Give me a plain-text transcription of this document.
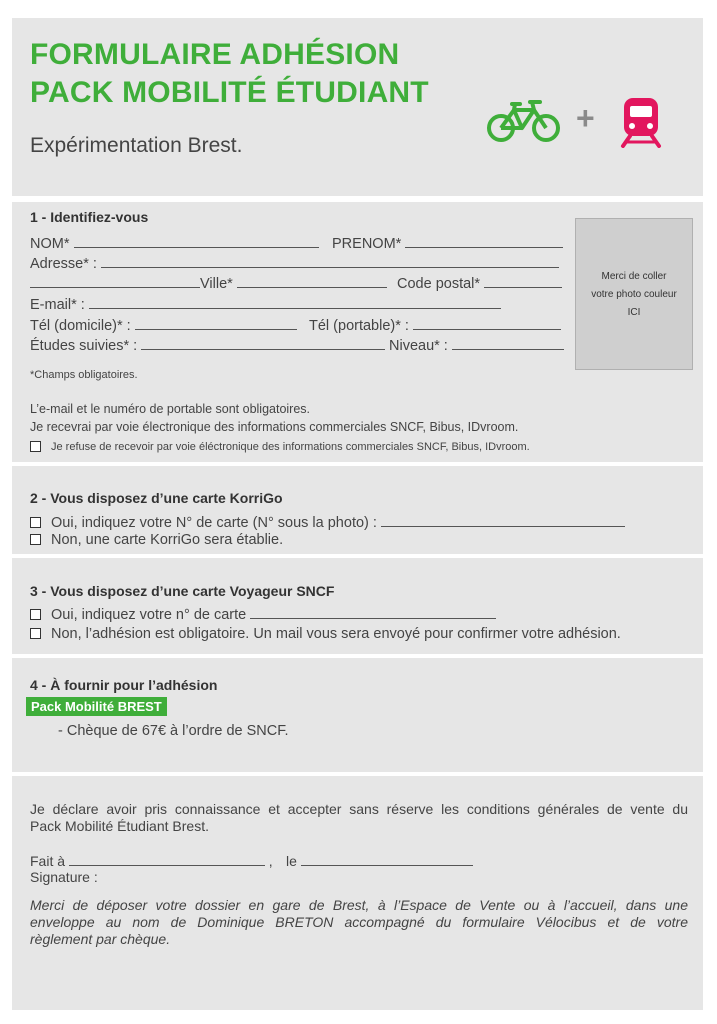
FORMULAIRE ADHÉSION
PACK MOBILITÉ ÉTUDIANT
Expérimentation Brest.
+
1 - Identifiez-vous
NOM*	PRENOM*
Adresse* :
Ville*	Code postal*
E-mail* :
Tél (domicile)* :	Tél (portable)* :
Études suivies* :	Niveau* :
Merci de coller
votre photo couleur
ICI
*Champs obligatoires.
L’e-mail et le numéro de portable sont obligatoires.
Je recevrai par voie électronique des informations commerciales SNCF, Bibus, IDvroom.
Je refuse de recevoir par voie éléctronique des informations commerciales SNCF, Bibus, IDvroom.
2 - Vous disposez d’une carte KorriGo
Oui, indiquez votre N° de carte (N° sous la photo) :
Non, une carte KorriGo sera établie.
3 - Vous disposez d’une carte Voyageur SNCF
Oui, indiquez votre n° de carte
Non, l’adhésion est obligatoire. Un mail vous sera envoyé pour confirmer votre adhésion.
4 - À fournir pour l’adhésion
Pack Mobilité BREST
- Chèque de 67€ à l’ordre de SNCF.
Je déclare avoir pris connaissance et accepter sans réserve les conditions générales de vente du
Pack Mobilité Étudiant Brest.
Fait à	, le
Signature :
Merci de déposer votre dossier en gare de Brest, à l’Espace de Vente ou à l’accueil, dans une
enveloppe au nom de Dominique BRETON accompagné du formulaire Vélocibus et de votre
règlement par chèque.
